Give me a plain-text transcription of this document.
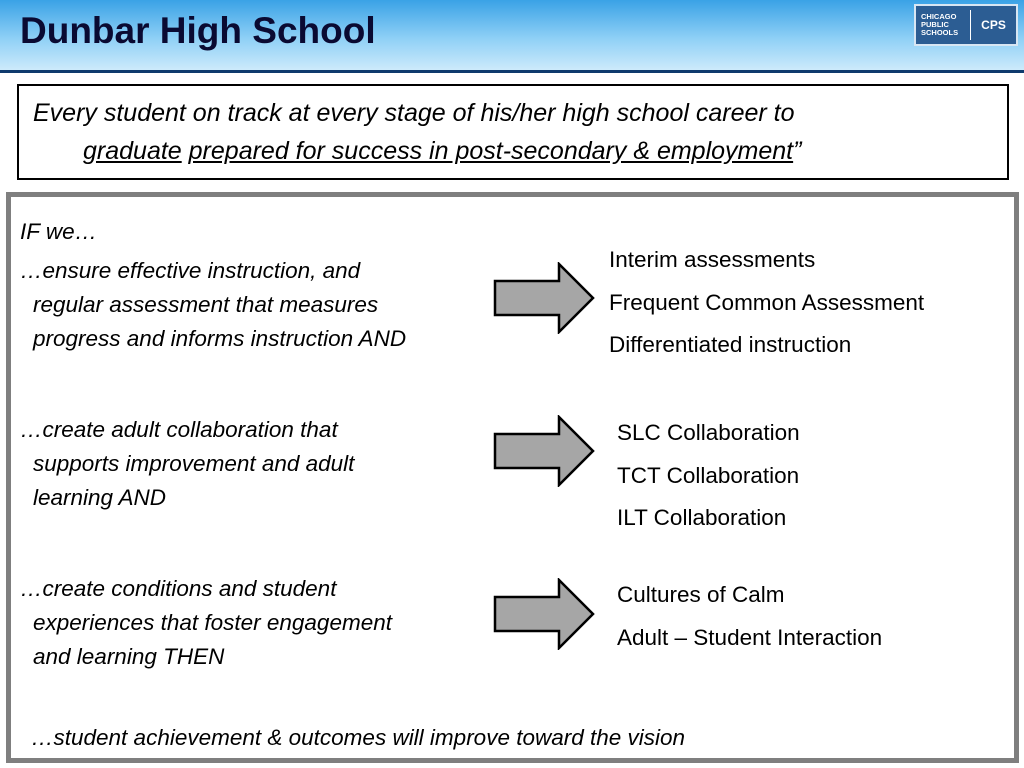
Dunbar High School	CHICAGO
PUBLIC
SCHOOLS
CPS
Every student on track at every stage of his/her high school career to
graduate prepared for success in post-secondary & employment”
IF we…
…ensure effective instruction, and
regular assessment that measures
progress and informs instruction AND
Interim assessments
Frequent Common Assessment
Differentiated instruction
…create adult collaboration that
supports improvement and adult
learning AND
SLC Collaboration
TCT Collaboration
ILT Collaboration
…create conditions and student
experiences that foster engagement
and learning THEN
Cultures of Calm
Adult – Student Interaction
…student achievement & outcomes will improve toward the vision
